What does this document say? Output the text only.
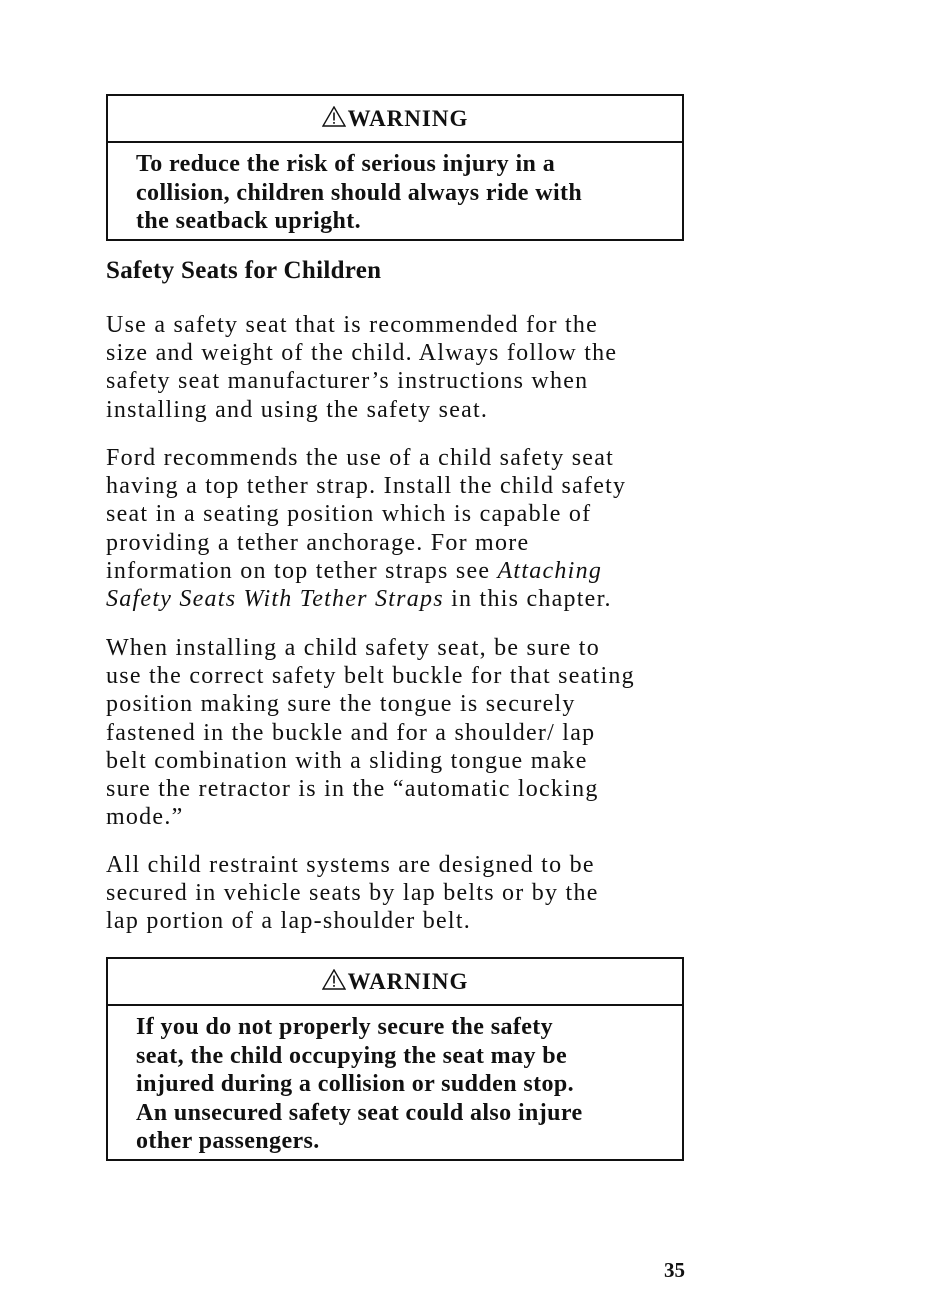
WARNING
To reduce the risk of serious injury in a
collision, children should always ride with
the seatback upright.
Safety Seats for Children
Use a safety seat that is recommended for the
size and weight of the child. Always follow the
safety seat manufacturer’s instructions when
installing and using the safety seat.
Ford recommends the use of a child safety seat
having a top tether strap. Install the child safety
seat in a seating position which is capable of
providing a tether anchorage. For more
information on top tether straps see Attaching
Safety Seats With Tether Straps in this chapter.
When installing a child safety seat, be sure to
use the correct safety belt buckle for that seating
position making sure the tongue is securely
fastened in the buckle and for a shoulder/ lap
belt combination with a sliding tongue make
sure the retractor is in the “automatic locking
mode.”
All child restraint systems are designed to be
secured in vehicle seats by lap belts or by the
lap portion of a lap-shoulder belt.
WARNING
If you do not properly secure the safety
seat, the child occupying the seat may be
injured during a collision or sudden stop.
An unsecured safety seat could also injure
other passengers.
35
